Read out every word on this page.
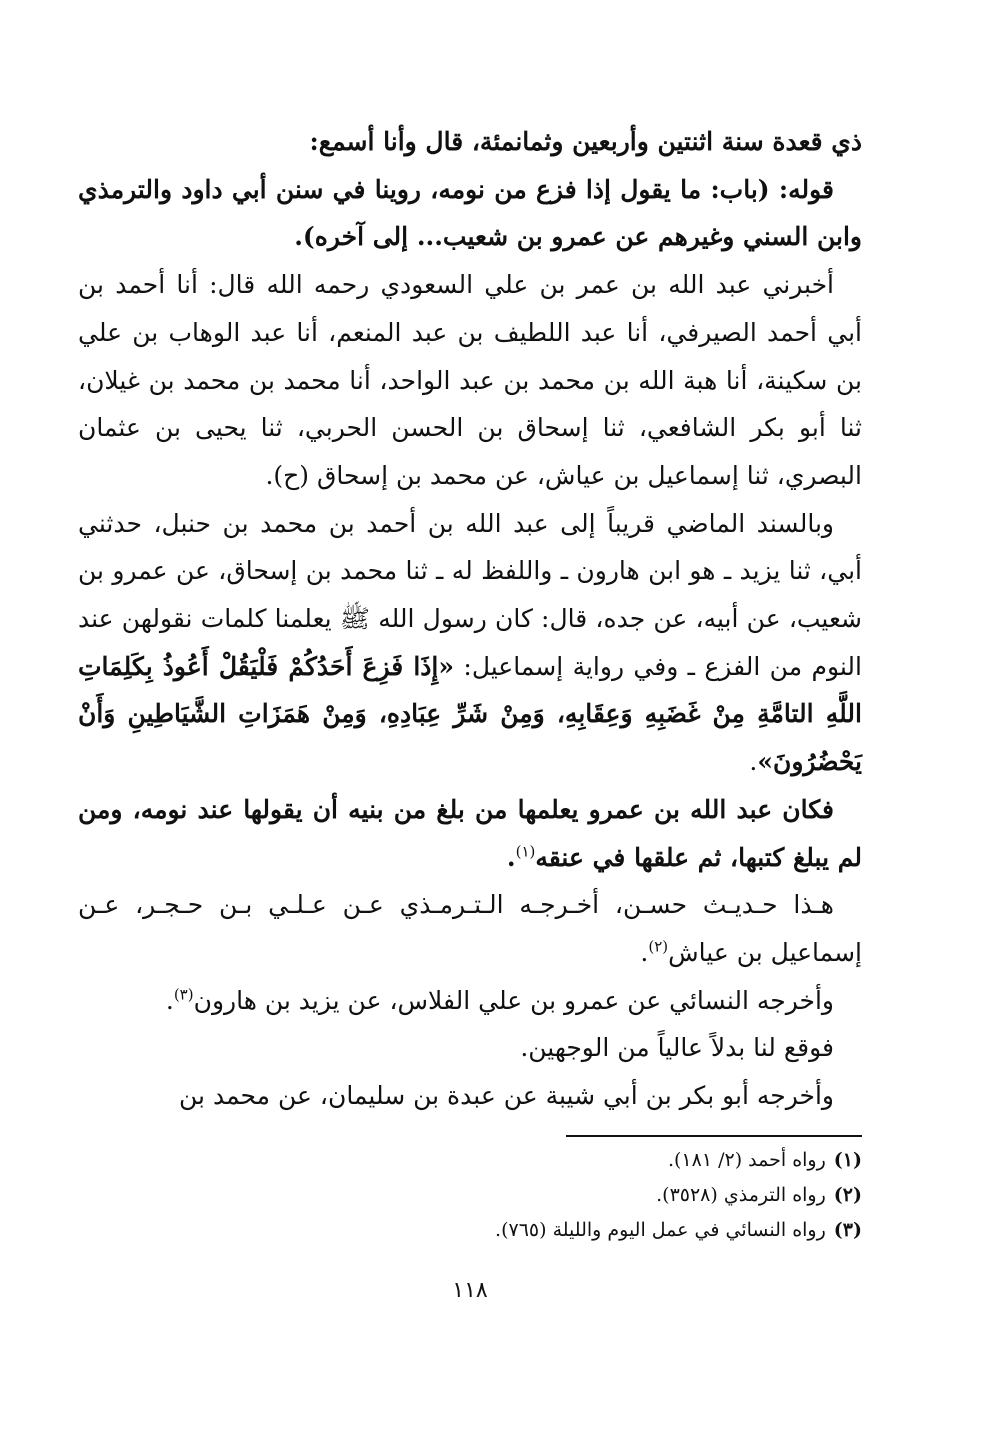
ذي قعدة سنة اثنتين وأربعين وثمانمئة، قال وأنا أسمع:

قوله: (باب: ما يقول إذا فزع من نومه، روينا في سنن أبي داود والترمذي وابن السني وغيرهم عن عمرو بن شعيب... إلى آخره).

أخبرني عبد الله بن عمر بن علي السعودي رحمه الله قال: أنا أحمد بن أبي أحمد الصيرفي، أنا عبد اللطيف بن عبد المنعم، أنا عبد الوهاب بن علي بن سكينة، أنا هبة الله بن محمد بن عبد الواحد، أنا محمد بن محمد بن غيلان، ثنا أبو بكر الشافعي، ثنا إسحاق بن الحسن الحربي، ثنا يحيى بن عثمان البصري، ثنا إسماعيل بن عياش، عن محمد بن إسحاق (ح).

وبالسند الماضي قريباً إلى عبد الله بن أحمد بن محمد بن حنبل، حدثني أبي، ثنا يزيد ـ هو ابن هارون ـ واللفظ له ـ ثنا محمد بن إسحاق، عن عمرو بن شعيب، عن أبيه، عن جده، قال: كان رسول الله ﷺ يعلمنا كلمات نقولهن عند النوم من الفزع ـ وفي رواية إسماعيل: «إِذَا فَزِعَ أَحَدُكُمْ فَلْيَقُلْ أَعُوذُ بِكَلِمَاتِ اللَّهِ التامَّةِ مِنْ غَضَبِهِ وَعِقَابِهِ، وَمِنْ شَرِّ عِبَادِهِ، وَمِنْ هَمَزَاتِ الشَّيَاطِينِ وَأَنْ يَحْضُرُونَ».

فكان عبد الله بن عمرو يعلمها من بلغ من بنيه أن يقولها عند نومه، ومن لم يبلغ كتبها، ثم علقها في عنقه$^{(١)}$.

هـذا حـديـث حسـن، أخـرجـه الـتـرمـذي عـن عـلـي بـن حـجـر، عـن إسماعيل بن عياش$^{(٢)}$.

وأخرجه النسائي عن عمرو بن علي الفلاس، عن يزيد بن هارون$^{(٣)}$.

فوقع لنا بدلاً عالياً من الوجهين.

وأخرجه أبو بكر بن أبي شيبة عن عبدة بن سليمان، عن محمد بن

(١)رواه أحمد (٢/ ١٨١).

(٢)رواه الترمذي (٣٥٢٨).

(٣)رواه النسائي في عمل اليوم والليلة (٧٦٥).

١١٨
